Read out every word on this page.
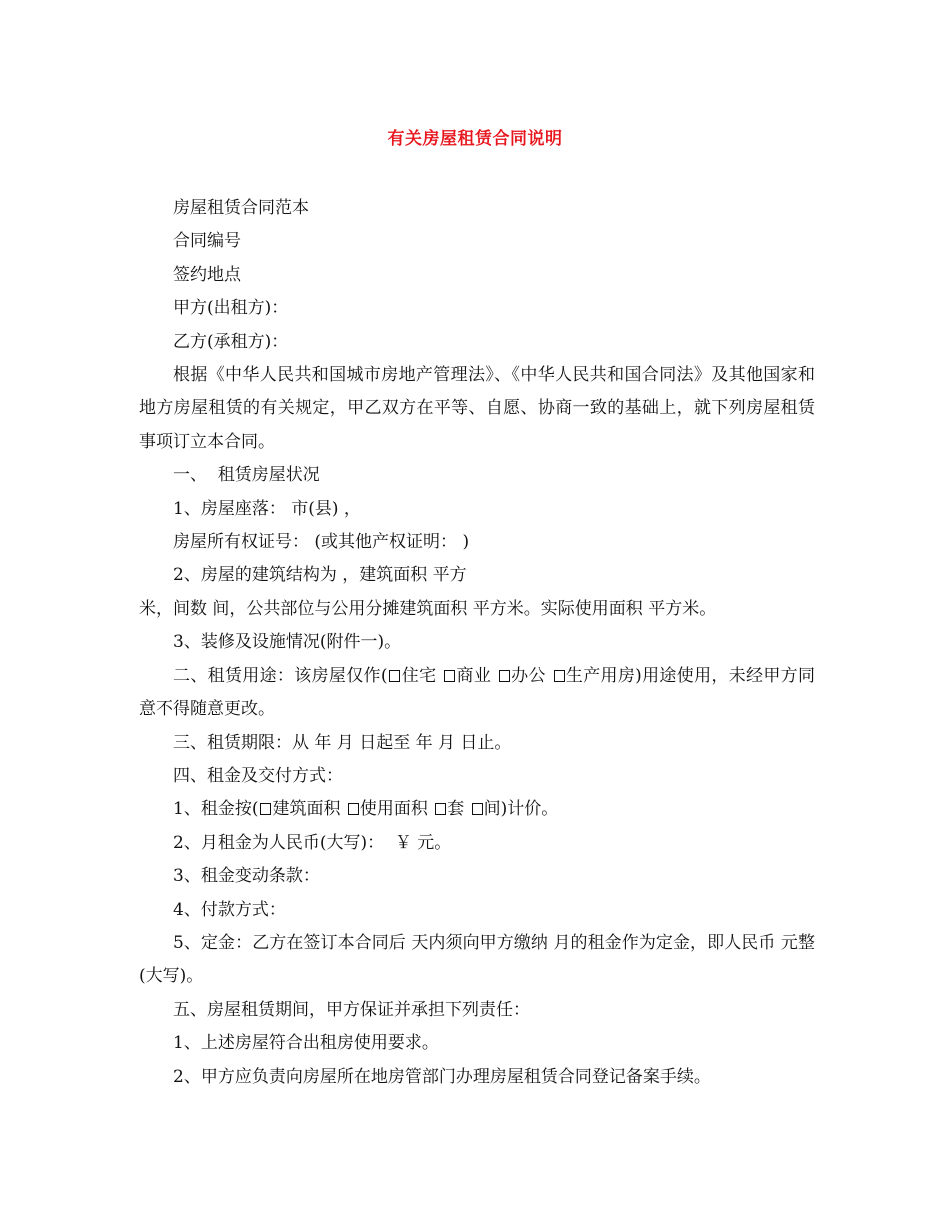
有关房屋租赁合同说明

房屋租赁合同范本

合同编号

签约地点

甲方(出租方)：

乙方(承租方)：

根据《中华人民共和国城市房地产管理法》、《中华人民共和国合同法》及其他国家和地方房屋租赁的有关规定，甲乙双方在平等、自愿、协商一致的基础上，就下列房屋租赁事项订立本合同。

一、  租赁房屋状况

1、房屋座落： 市(县) ，

房屋所有权证号： (或其他产权证明： )

2、房屋的建筑结构为 ，建筑面积 平方

米，间数 间，公共部位与公用分摊建筑面积 平方米。实际使用面积 平方米。

3、装修及设施情况(附件一)。

二、租赁用途：该房屋仅作( 住宅 商业 办公 生产用房)用途使用，未经甲方同意不得随意更改。

三、租赁期限：从 年 月 日起至 年 月 日止。

四、租金及交付方式：

1、租金按( 建筑面积 使用面积 套 间)计价。

2、月租金为人民币(大写)：  ￥ 元。

3、租金变动条款：

4、付款方式：

5、定金：乙方在签订本合同后 天内须向甲方缴纳 月的租金作为定金，即人民币 元整(大写)。

五、房屋租赁期间，甲方保证并承担下列责任：

1、上述房屋符合出租房使用要求。

2、甲方应负责向房屋所在地房管部门办理房屋租赁合同登记备案手续。
